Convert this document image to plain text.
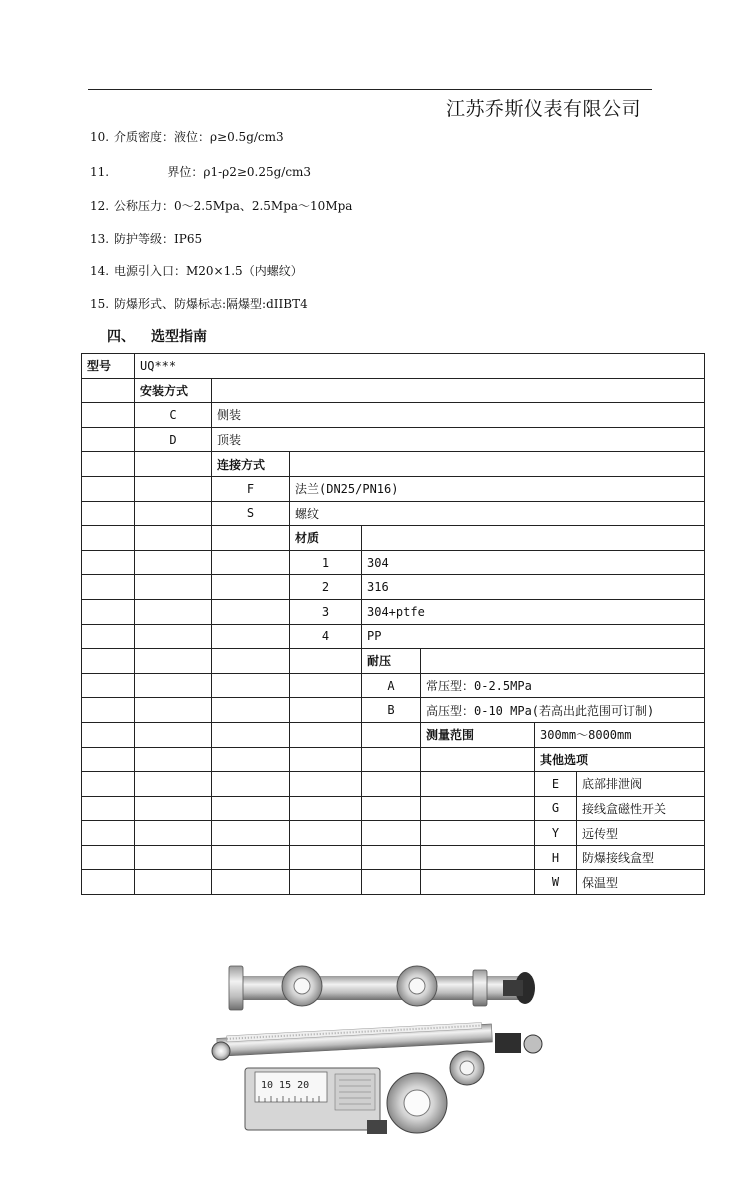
江苏乔斯仪表有限公司
10. 介质密度：液位：ρ≥0.5g/cm3
11.              界位：ρ1-ρ2≥0.25g/cm3
12. 公称压力：0～2.5Mpa、2.5Mpa～10Mpa
13. 防护等级：IP65
14. 电源引入口：M20×1.5（内螺纹）
15. 防爆形式、防爆标志:隔爆型:dIIBT4
四、 选型指南
型号	UQ***						
	安装方式						
	C	侧装					
	D	顶装					
		连接方式					
		F	法兰(DN25/PN16)				
		S	螺纹				
			材质				
			1	304			
			2	316			
			3	304+ptfe			
			4	PP			
				耐压			
				A	常压型：0-2.5MPa		
				B	高压型：0-10 MPa(若高出此范围可订制)		
					测量范围	300mm～8000mm	
						其他选项	
						E	底部排泄阀
						G	接线盒磁性开关
						Y	远传型
						H	防爆接线盒型
						W	保温型
10 15 20
